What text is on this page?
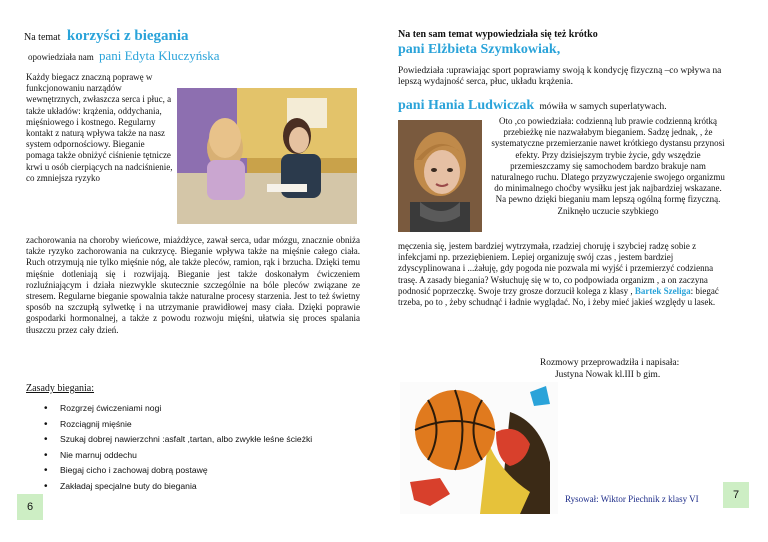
Na temat korzyści z biegania
opowiedziała nam pani Edyta Kluczyńska
Każdy biegacz znaczną poprawę w funkcjonowaniu narządów wewnętrznych, zwłaszcza serca i płuc, a także układów: krążenia, oddychania, mięśniowego i kostnego. Regularny kontakt z naturą wpływa także na nasz system odpornościowy. Bieganie pomaga także obniżyć ciśnienie tętnicze krwi u osób cierpiących na nadciśnienie, co zmniejsza ryzyko
zachorowania na choroby wieńcowe, miażdżyce, zawał serca, udar mózgu, znacznie obniża także ryzyko zachorowania na cukrzycę. Bieganie wpływa także na mięśnie całego ciała. Ruch otrzymują nie tylko mięśnie nóg, ale także pleców, ramion, rąk i brzucha. Dzięki temu mięśnie dotleniają się i rozwijają. Bieganie jest także doskonałym ćwiczeniem rozluźniającym i działa niezwykle skutecznie szczególnie na bóle pleców związane ze stresem. Regularne bieganie spowalnia także naturalne procesy starzenia. Jest to też świetny sposób na szczupłą sylwetkę i na utrzymanie prawidłowej masy ciała. Dzięki poprawie gospodarki hormonalnej, a także z powodu rozwoju mięśni, ułatwia się proces spalania tłuszczu przez cały dzień.
Zasady biegania:
• Rozgrzej ćwiczeniami nogi
• Rozciągnij mięśnie
• Szukaj dobrej nawierzchni :asfalt ,tartan, albo zwykłe leśne ścieżki
• Nie marnuj oddechu
• Biegaj cicho i zachowaj dobrą postawę
• Zakładaj specjalne buty do biegania
6
Na ten sam temat wypowiedziała się też krótko
pani Elżbieta Szymkowiak,
Powiedziała :uprawiając sport poprawiamy swoją k kondycję fizyczną –co wpływa na lepszą wydajność serca, płuc, układu krążenia.
pani Hania Ludwiczak mówiła w samych superlatywach.
Oto ,co powiedziała: codzienną lub prawie codzienną krótką przebieżkę nie nazwałabym bieganiem. Sadzę jednak, , że systematyczne przemierzanie nawet krótkiego dystansu przynosi efekty. Przy dzisiejszym trybie życie, gdy wszędzie przemieszczamy się samochodem bardzo brakuje nam naturalnego ruchu. Dlatego przyzwyczajenie swojego organizmu do minimalnego choćby wysiłku jest jak najbardziej wskazane. Na pewno dzięki bieganiu mam lepszą ogólną formę fizyczną. Zniknęło uczucie szybkiego
męczenia się, jestem bardziej wytrzymała, rzadziej choruję i szybciej radzę sobie z infekcjami np. przeziębieniem. Lepiej organizuję swój czas , jestem bardziej zdyscyplinowana i ...żałuję, gdy pogoda nie pozwala mi wyjść i przemierzyć codzienna trasę. A zasady biegania? Wsłuchuję się w to, co podpowiada organizm , a on zaczyna podnosić poprzeczkę. Swoje trzy grosze dorzucił kolega z klasy , Bartek Szeliga: biegać trzeba, po to , żeby schudnąć i ładnie wyglądać. No, i żeby mieć jakieś względy u lasek.
Rozmowy przeprowadziła i napisała:
Justyna Nowak kl.III b gim.
Rysował: Wiktor Piechnik z klasy VI	7
